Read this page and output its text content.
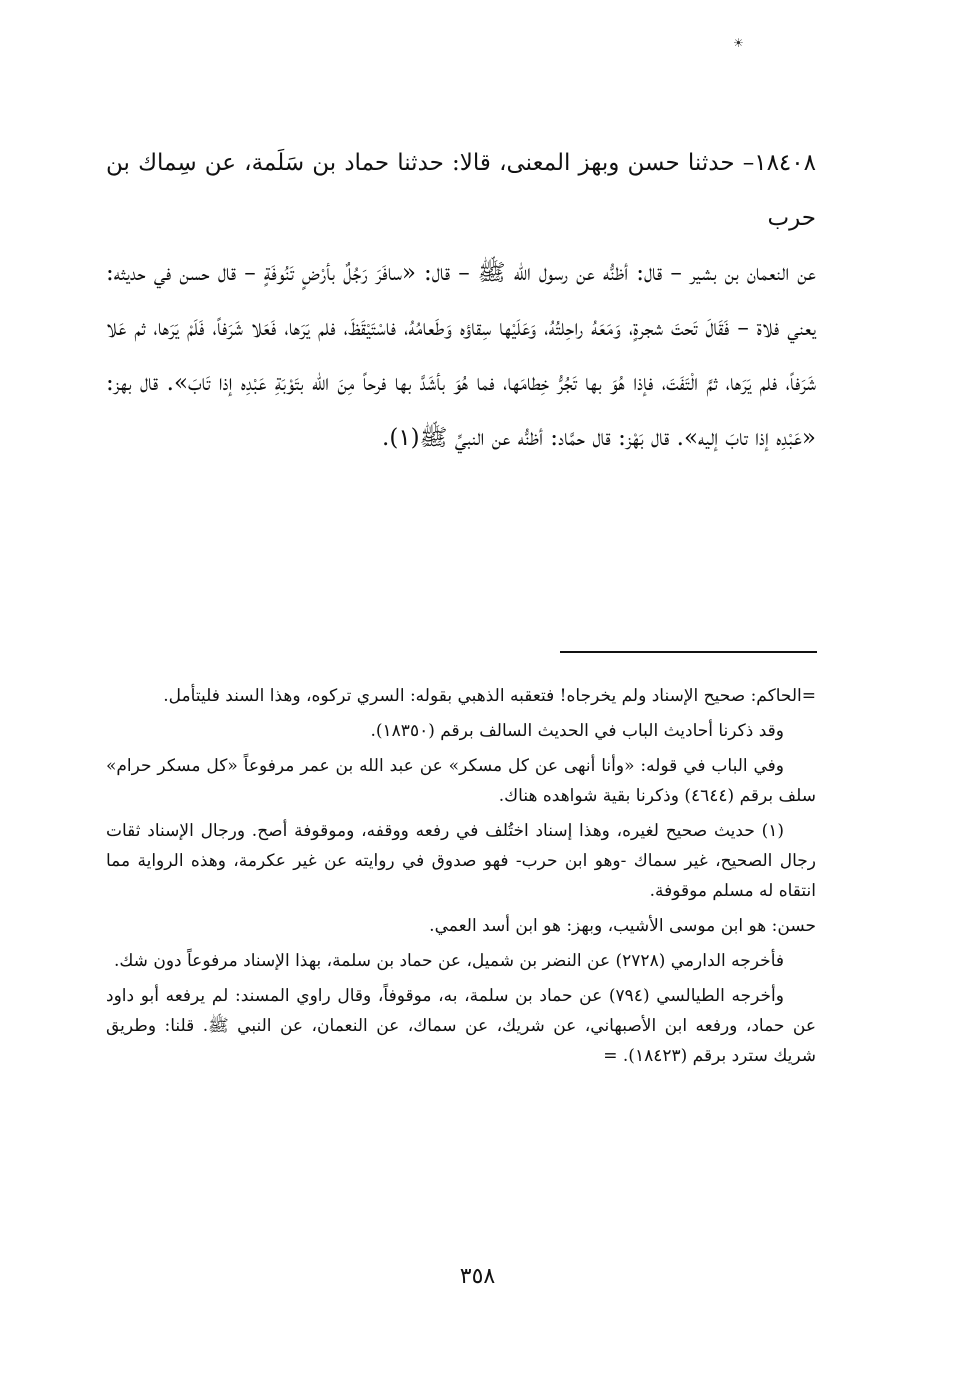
☀

١٨٤٠٨– حدثنا حسن وبهز المعنى، قالا: حدثنا حماد بن سَلَمة، عن سِماك بن حرب

عن النعمان بن بشير – قال: أظنُّه عن رسول الله ﷺ – قال: «سافَرَ رَجُلٌ بأرْضٍ تَنُوفَةٍ – قال حسن في حديثه: يعني فلاة – فَقَالَ تَحتَ شجرةٍ، وَمَعَهُ راحِلتُهُ، وَعَلَيْها سِقاؤه وَطَعامُهُ، فاسْتَيْقَظَ، فلم يَرَها، فَعَلا شَرَفاً، فَلَمْ يَرَها، ثم عَلا شَرَفاً، فلم يَرَها، ثمَّ الْتَفَتَ، فإذا هُوَ بها تَجُرُّ خِطامَها، فما هُوَ بأشَدَّ بها فرحاً مِنَ الله بتَوْبَةِ عَبْدِه إذا تَابَ». قال بهز: «عَبْدِه إذا تابَ إليه». قال بَهْز: قال حمَّاد: أظنُّه عن النبيِّ ﷺ(١).

=الحاكم: صحيح الإسناد ولم يخرجاه! فتعقبه الذهبي بقوله: السري تركوه، وهذا السند فليتأمل.

وقد ذكرنا أحاديث الباب في الحديث السالف برقم (١٨٣٥٠).

وفي الباب في قوله: «وأنا أنهى عن كل مسكر» عن عبد الله بن عمر مرفوعاً «كل مسكر حرام» سلف برقم (٤٦٤٤) وذكرنا بقية شواهده هناك.

(١) حديث صحيح لغيره، وهذا إسناد اختُلف في رفعه ووقفه، وموقوفة أصح. ورجال الإسناد ثقات رجال الصحيح، غير سماك -وهو ابن حرب- فهو صدوق في روايته عن غير عكرمة، وهذه الرواية مما انتقاه له مسلم موقوفة.

حسن: هو ابن موسى الأشيب، وبهز: هو ابن أسد العمي.

فأخرجه الدارمي (٢٧٢٨) عن النضر بن شميل، عن حماد بن سلمة، بهذا الإسناد مرفوعاً دون شك.

وأخرجه الطيالسي (٧٩٤) عن حماد بن سلمة، به، موقوفاً، وقال راوي المسند: لم يرفعه أبو داود عن حماد، ورفعه ابن الأصبهاني، عن شريك، عن سماك، عن النعمان، عن النبي ﷺ. قلنا: وطريق شريك سترد برقم (١٨٤٢٣). =

٣٥٨
